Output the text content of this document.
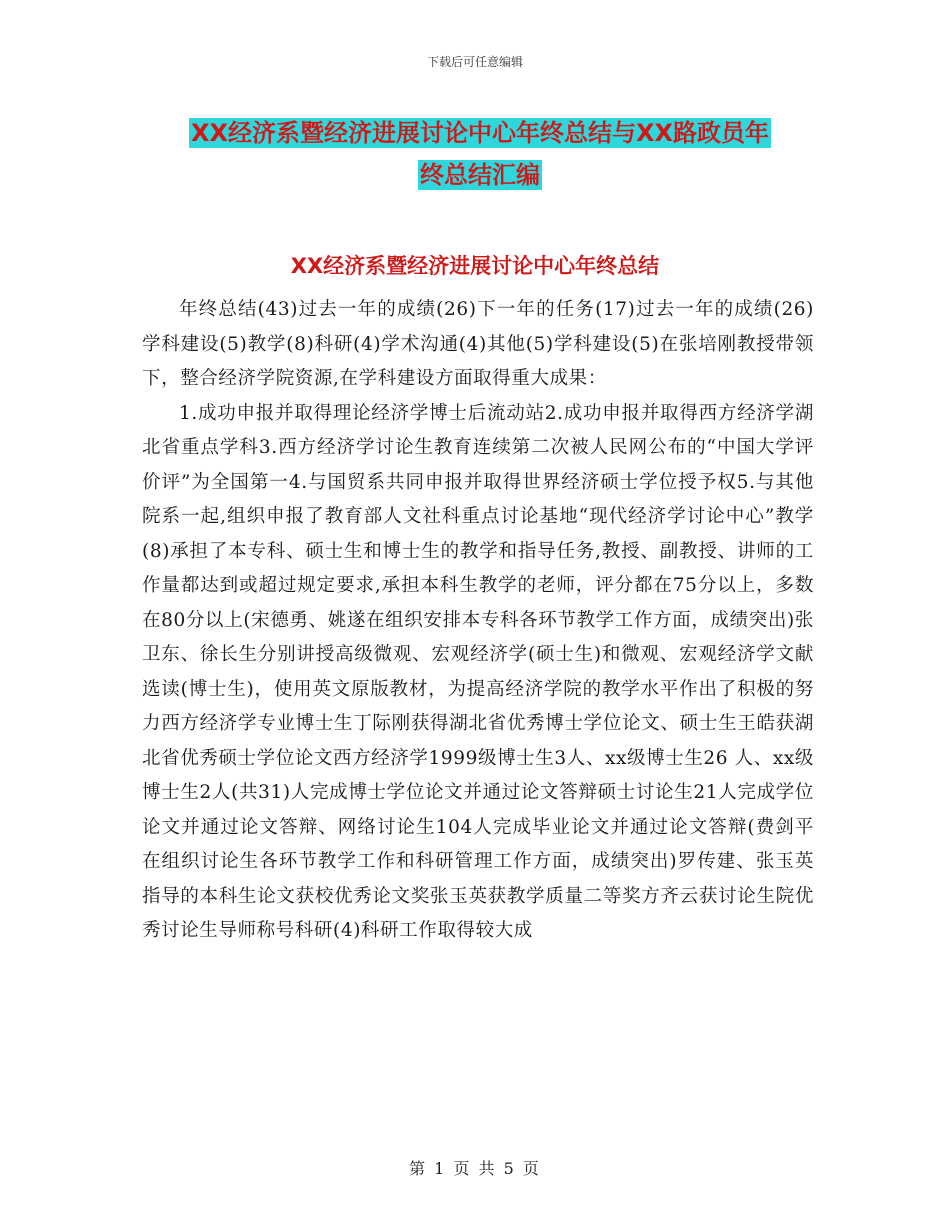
下载后可任意编辑
XX经济系暨经济进展讨论中心年终总结与XX路政员年
终总结汇编
XX经济系暨经济进展讨论中心年终总结

年终总结(43)过去一年的成绩(26)下一年的任务(17)过去一年的成绩(26)学科建设(5)教学(8)科研(4)学术沟通(4)其他(5)学科建设(5)在张培刚教授带领下，整合经济学院资源,在学科建设方面取得重大成果：

1.成功申报并取得理论经济学博士后流动站2.成功申报并取得西方经济学湖北省重点学科3.西方经济学讨论生教育连续第二次被人民网公布的“中国大学评价评”为全国第一4.与国贸系共同申报并取得世界经济硕士学位授予权5.与其他院系一起,组织申报了教育部人文社科重点讨论基地“现代经济学讨论中心”教学(8)承担了本专科、硕士生和博士生的教学和指导任务,教授、副教授、讲师的工作量都达到或超过规定要求,承担本科生教学的老师，评分都在75分以上，多数在80分以上(宋德勇、姚遂在组织安排本专科各环节教学工作方面，成绩突出)张卫东、徐长生分别讲授高级微观、宏观经济学(硕士生)和微观、宏观经济学文献选读(博士生)，使用英文原版教材，为提高经济学院的教学水平作出了积极的努力西方经济学专业博士生丁际刚获得湖北省优秀博士学位论文、硕士生王皓获湖北省优秀硕士学位论文西方经济学1999级博士生3人、xx级博士生26 人、xx级博士生2人(共31)人完成博士学位论文并通过论文答辩硕士讨论生21人完成学位论文并通过论文答辩、网络讨论生104人完成毕业论文并通过论文答辩(费剑平在组织讨论生各环节教学工作和科研管理工作方面，成绩突出)罗传建、张玉英指导的本科生论文获校优秀论文奖张玉英获教学质量二等奖方齐云获讨论生院优秀讨论生导师称号科研(4)科研工作取得较大成

第 1 页 共 5 页
